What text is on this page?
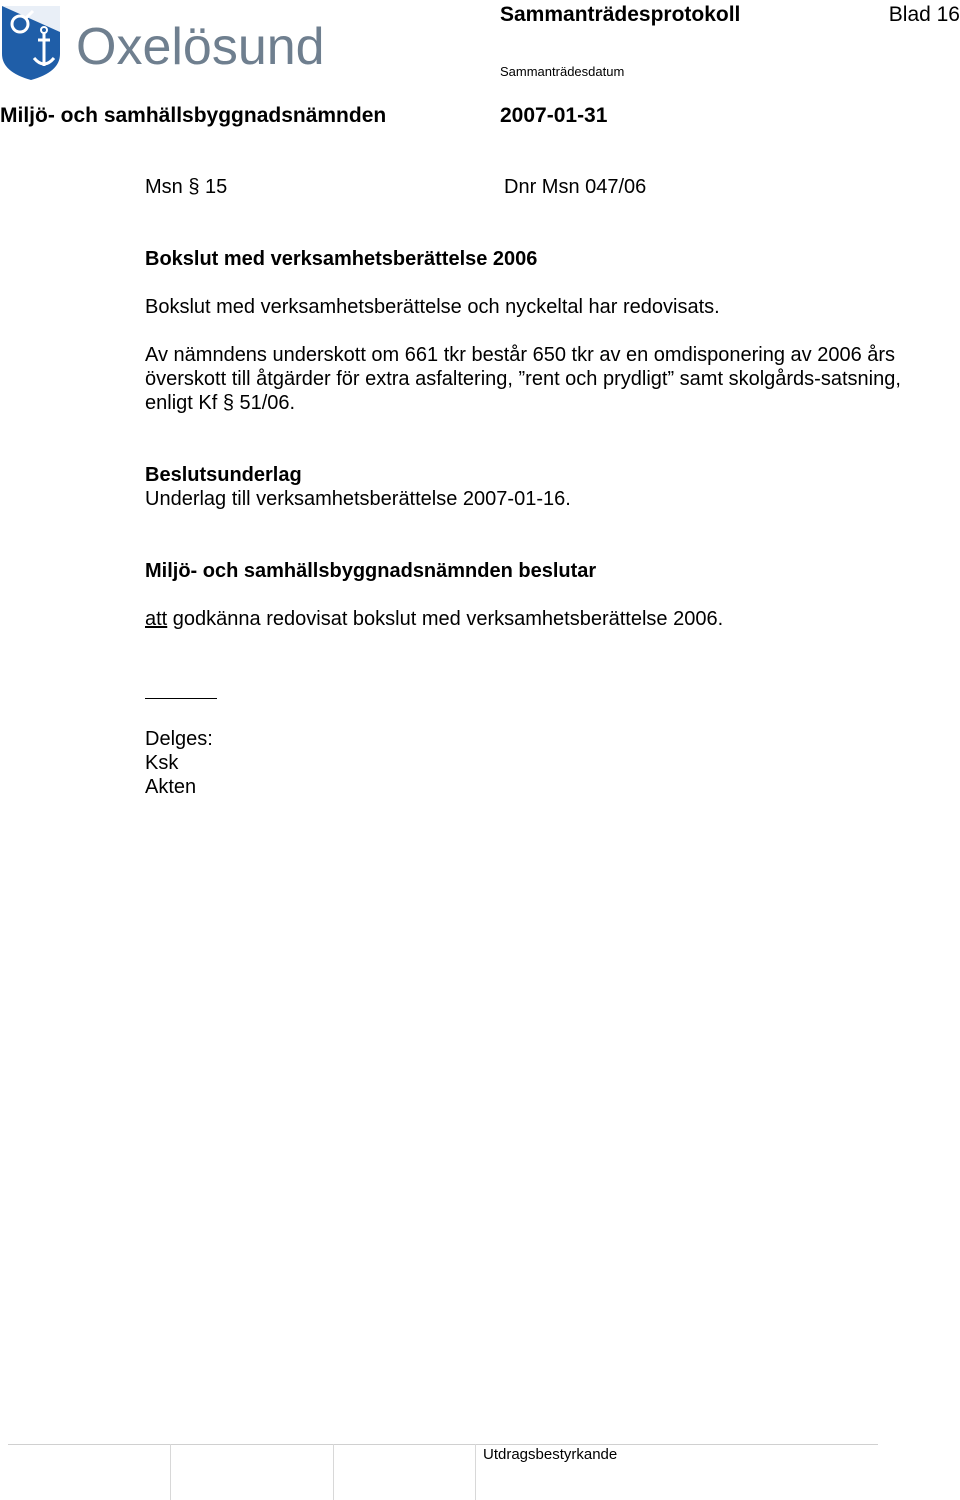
Oxelösund
Sammanträdesprotokoll	Blad 16
Sammanträdesdatum
Miljö- och samhällsbyggnadsnämnden	2007-01-31
Msn § 15	Dnr Msn 047/06
Bokslut med verksamhetsberättelse 2006
Bokslut med verksamhetsberättelse och nyckeltal har redovisats.
Av nämndens underskott om 661 tkr består 650 tkr av en omdisponering av 2006 års överskott till åtgärder för extra asfaltering, ”rent och prydligt” samt skolgårds-satsning, enligt Kf § 51/06.
Beslutsunderlag
Underlag till verksamhetsberättelse 2007-01-16.
Miljö- och samhällsbyggnadsnämnden beslutar
att godkänna redovisat bokslut med verksamhetsberättelse 2006.
Delges:
Ksk
Akten
Utdragsbestyrkande
